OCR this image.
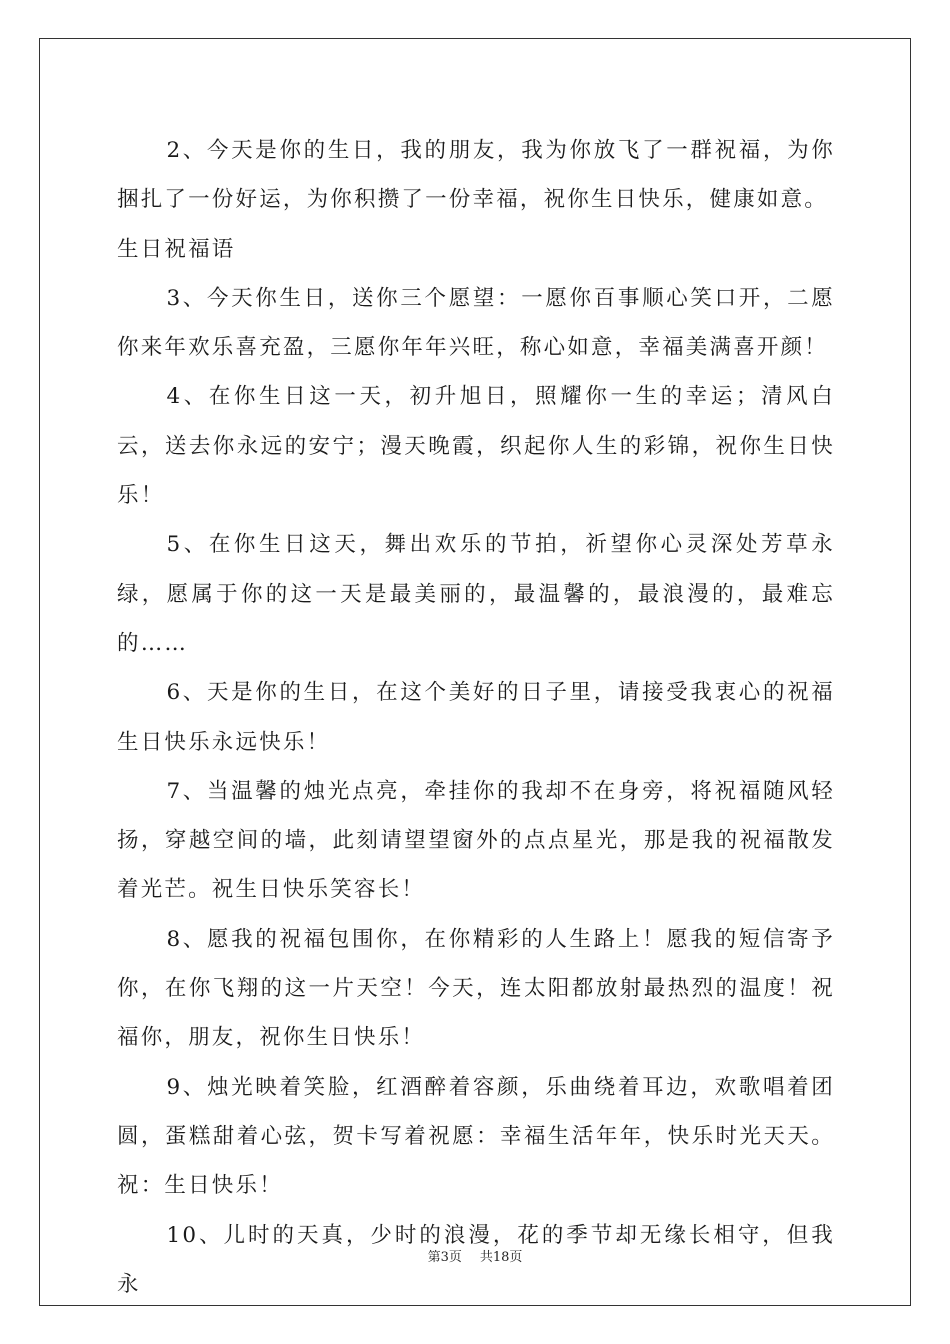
2、今天是你的生日，我的朋友，我为你放飞了一群祝福，为你捆扎了一份好运，为你积攒了一份幸福，祝你生日快乐，健康如意。

生日祝福语

3、今天你生日，送你三个愿望：一愿你百事顺心笑口开，二愿你来年欢乐喜充盈，三愿你年年兴旺，称心如意，幸福美满喜开颜！

4、在你生日这一天，初升旭日，照耀你一生的幸运；清风白云，送去你永远的安宁；漫天晚霞，织起你人生的彩锦，祝你生日快乐！

5、在你生日这天，舞出欢乐的节拍，祈望你心灵深处芳草永绿，愿属于你的这一天是最美丽的，最温馨的，最浪漫的，最难忘的……

6、天是你的生日，在这个美好的日子里，请接受我衷心的祝福生日快乐永远快乐！

7、当温馨的烛光点亮，牵挂你的我却不在身旁，将祝福随风轻扬，穿越空间的墙，此刻请望望窗外的点点星光，那是我的祝福散发着光芒。祝生日快乐笑容长！

8、愿我的祝福包围你，在你精彩的人生路上！愿我的短信寄予你，在你飞翔的这一片天空！今天，连太阳都放射最热烈的温度！祝福你，朋友，祝你生日快乐！

9、烛光映着笑脸，红酒醉着容颜，乐曲绕着耳边，欢歌唱着团圆，蛋糕甜着心弦，贺卡写着祝愿：幸福生活年年，快乐时光天天。祝：生日快乐！

10、儿时的天真，少时的浪漫，花的季节却无缘长相守，但我永

第3页 共18页
